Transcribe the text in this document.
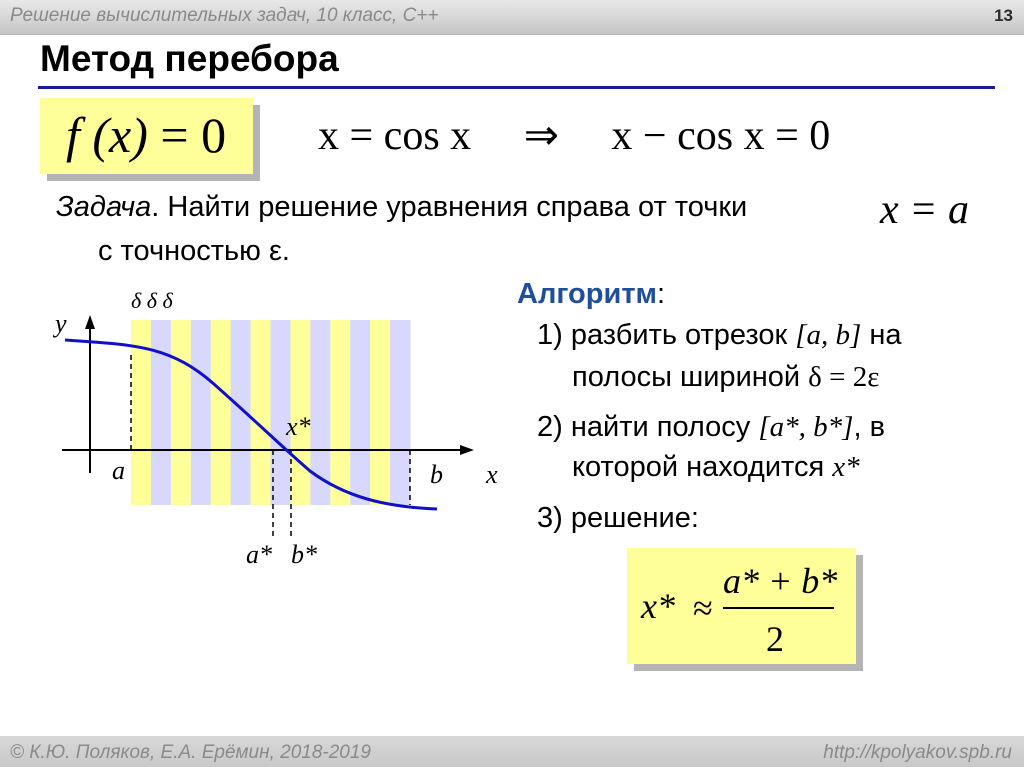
Решение вычислительных задач, 10 класс, С++	13
Метод перебора
f (x) = 0 x = cos x ⇒ x − cos x = 0
Задача. Найти решение уравнения справа от точки	x = a
с точностью ε.
δ δ δ
y
x
a	b
x*
a* b*
Алгоритм:
1) разбить отрезок [a, b] на
полосы шириной δ = 2ε
2) найти полосу [a*, b*], в
которой находится x*
3) решение:
x* ≈
a* + b*
2
© К.Ю. Поляков, Е.А. Ерёмин, 2018-2019	http://kpolyakov.spb.ru
